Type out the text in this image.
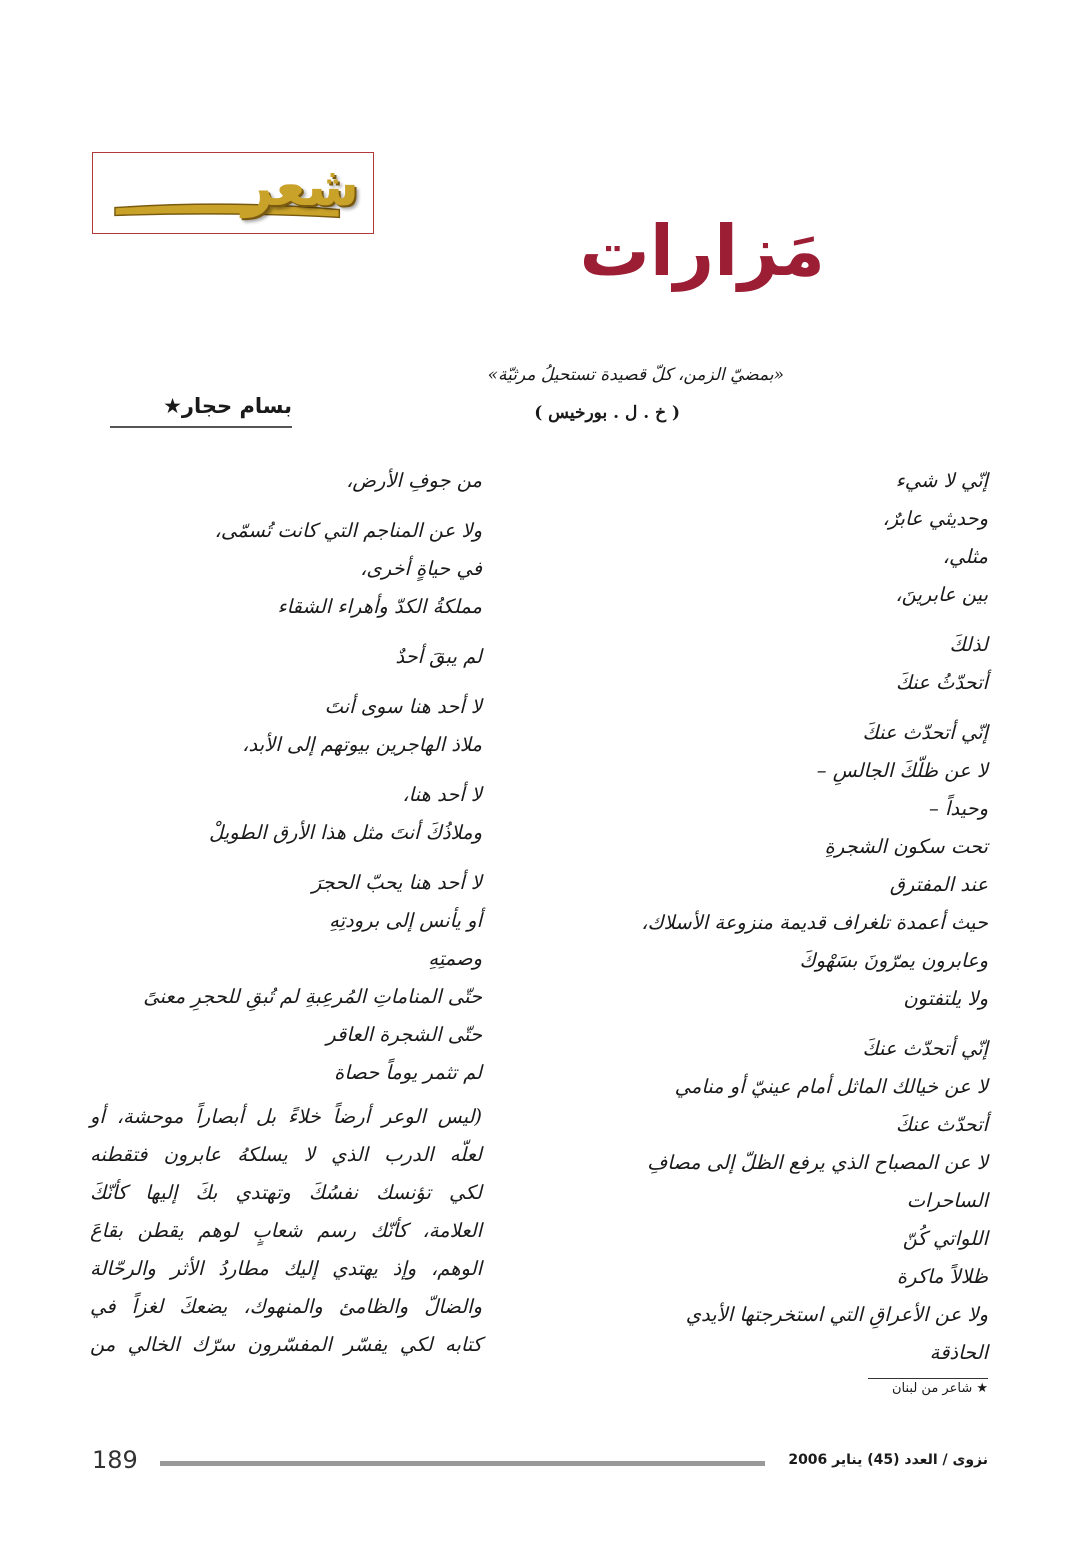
شعر
مَزارات
«بمضيّ الزمن، كلّ قصيدة تستحيلُ مرثيّة»
( خ . ل . بورخيس )
بسام حجار★
إنّي لا شيء
وحديثي عابرٌ،
مثلي،
بين عابرينَ،
لذلكَ
أتحدّثُ عنكَ
إنّي أتحدّث عنكَ
لا عن ظلّكَ الجالسِ –
وحيداً –
تحت سكون الشجرةِ
عند المفترق
حيث أعمدة تلغراف قديمة منزوعة الأسلاك،
وعابرون يمرّونَ بسَهْوكَ
ولا يلتفتون
إنّي أتحدّث عنكَ
لا عن خيالك الماثل أمام عينيّ أو منامي
أتحدّث عنكَ
لا عن المصباح الذي يرفع الظلّ إلى مصافِ
الساحرات
اللواتي كُنّ
ظلالاً ماكرة
ولا عن الأعراقِ التي استخرجتها الأيدي
الحاذقة
من جوفِ الأرض،
ولا عن المناجم التي كانت تُسمّى،
في حياةٍ أخرى،
مملكةُ الكدّ وأهراء الشقاء
لم يبقَ أحدٌ
لا أحد هنا سوى أنتَ
ملاذ الهاجرين بيوتهم إلى الأبد،
لا أحد هنا،
وملاذُكَ أنتَ مثل هذا الأرق الطويلْ
لا أحد هنا يحبّ الحجرَ
أو يأنس إلى برودتِهِ
وصمتِهِ
حتّى المناماتِ المُرعِبةِ لم تُبقِ للحجرِ معنىً
حتّى الشجرة العاقر
لم تثمر يوماً حصاة
(ليس الوعر أرضاً خلاءً بل أبصاراً موحشة، أو
لعلّه الدرب الذي لا يسلكهُ عابرون فتقطنه
لكي تؤنسك نفسُكَ وتهتدي بكَ إليها كأنّكَ
العلامة، كأنّك رسم شعابٍ لوهم يقطن بقاعَ
الوهم، وإذ يهتدي إليك مطاردُ الأثر والرحّالة
والضالّ والظامئ والمنهوك، يضعكَ لغزاً في
كتابه لكي يفسّر المفسّرون سرّك الخالي من
★ شاعر من لبنان
189	نزوى / العدد (45) يناير 2006
